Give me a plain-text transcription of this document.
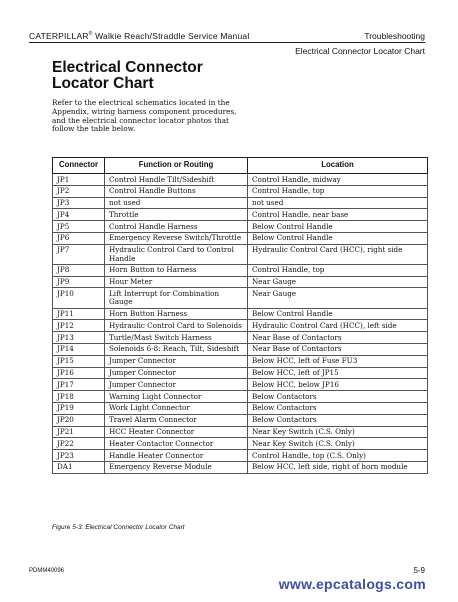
CATERPILLAR® Walkie Reach/Straddle Service Manual	Troubleshooting
Electrical Connector Locator Chart
Electrical Connector
Locator Chart

Refer to the electrical schematics located in the Appendix, wiring harness component procedures, and the electrical connector locator photos that follow the table below.

Connector	Function or Routing	Location
JP1	Control Handle Tilt/Sideshift	Control Handle, midway
JP2	Control Handle Buttons	Control Handle, top
JP3	not used	not used
JP4	Throttle	Control Handle, near base
JP5	Control Handle Harness	Below Control Handle
JP6	Emergency Reverse Switch/Throttle	Below Control Handle
JP7	Hydraulic Control Card to Control Handle	Hydraulic Control Card (HCC), right side
JP8	Horn Button to Harness	Control Handle, top
JP9	Hour Meter	Near Gauge
JP10	Lift Interrupt for Combination Gauge	Near Gauge
JP11	Horn Button Harness	Below Control Handle
JP12	Hydraulic Control Card to Solenoids	Hydraulic Control Card (HCC), left side
JP13	Turtle/Mast Switch Harness	Near Base of Contactors
JP14	Solenoids 6-8: Reach, Tilt, Sideshift	Near Base of Contactors
JP15	Jumper Connector	Below HCC, left of Fuse FU3
JP16	Jumper Connector	Below HCC, left of JP15
JP17	Jumper Connector	Below HCC, below JP16
JP18	Warning Light Connector	Below Contactors
JP19	Work Light Connector	Below Contactors
JP20	Travel Alarm Connector	Below Contactors
JP21	HCC Heater Connector	Near Key Switch (C.S. Only)
JP22	Heater Contactor Connector	Near Key Switch (C.S. Only)
JP23	Handle Heater Connector	Control Handle, top (C.S. Only)
DA1	Emergency Reverse Module	Below HCC, left side, right of horn module
Figure 5-3: Electrical Connector Locator Chart
PDMM40096	5-9
www.epcatalogs.com
